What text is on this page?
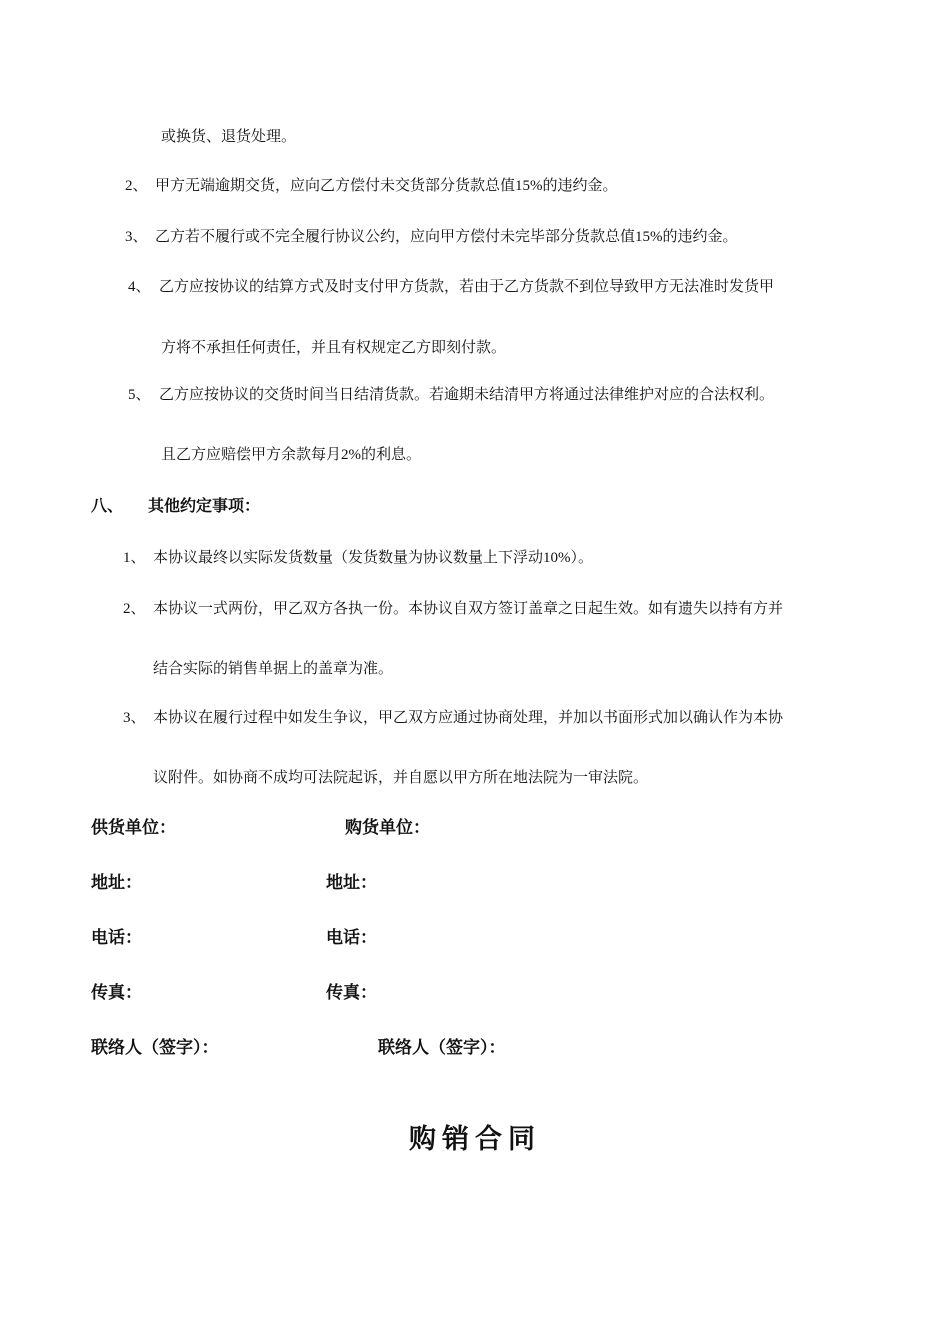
或换货、退货处理。
2、 甲方无端逾期交货，应向乙方偿付未交货部分货款总值15%的违约金。
3、 乙方若不履行或不完全履行协议公约，应向甲方偿付未完毕部分货款总值15%的违约金。
4、 乙方应按协议的结算方式及时支付甲方货款，若由于乙方货款不到位导致甲方无法准时发货甲
方将不承担任何责任，并且有权规定乙方即刻付款。
5、 乙方应按协议的交货时间当日结清货款。若逾期未结清甲方将通过法律维护对应的合法权利。
且乙方应赔偿甲方余款每月2%的利息。
八、 其他约定事项：
1、 本协议最终以实际发货数量（发货数量为协议数量上下浮动10%）。
2、 本协议一式两份，甲乙双方各执一份。本协议自双方签订盖章之日起生效。如有遗失以持有方并
结合实际的销售单据上的盖章为准。
3、 本协议在履行过程中如发生争议，甲乙双方应通过协商处理，并加以书面形式加以确认作为本协
议附件。如协商不成均可法院起诉，并自愿以甲方所在地法院为一审法院。
供货单位：	购货单位：
地址：	地址：
电话：	电话：
传真：	传真：
联络人（签字）：	联络人（签字）：
购销合同
